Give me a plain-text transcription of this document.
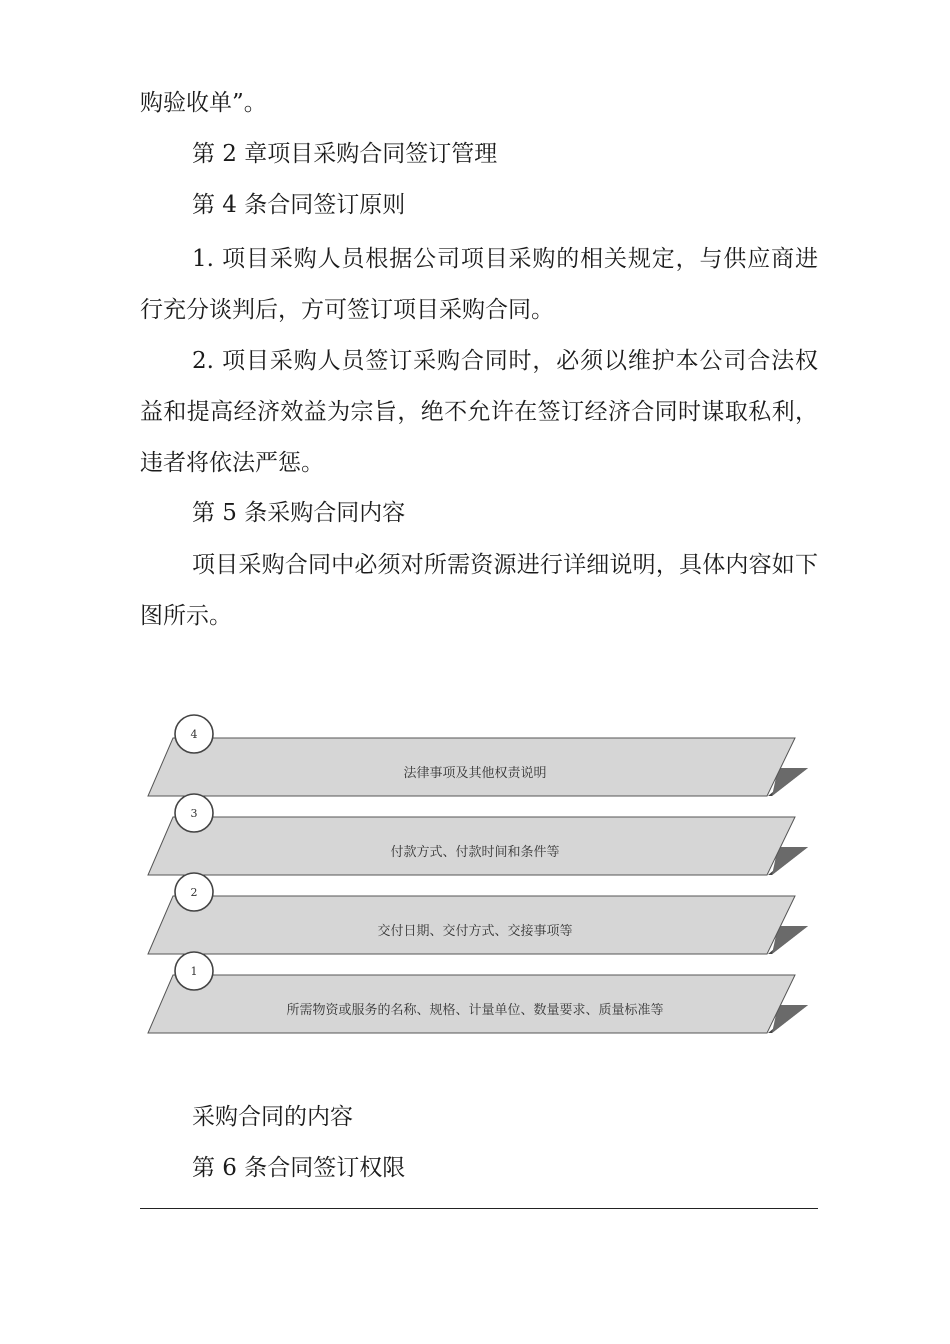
购验收单”。

第 2 章项目采购合同签订管理

第 4 条合同签订原则

1. 项目采购人员根据公司项目采购的相关规定，与供应商进行充分谈判后，方可签订项目采购合同。

2. 项目采购人员签订采购合同时，必须以维护本公司合法权益和提高经济效益为宗旨，绝不允许在签订经济合同时谋取私利，违者将依法严惩。

第 5 条采购合同内容

项目采购合同中必须对所需资源进行详细说明，具体内容如下图所示。

法律事项及其他权责说明
4
付款方式、付款时间和条件等
3
交付日期、交付方式、交接事项等
2
所需物资或服务的名称、规格、计量单位、数量要求、质量标准等
1

采购合同的内容

第 6 条合同签订权限
